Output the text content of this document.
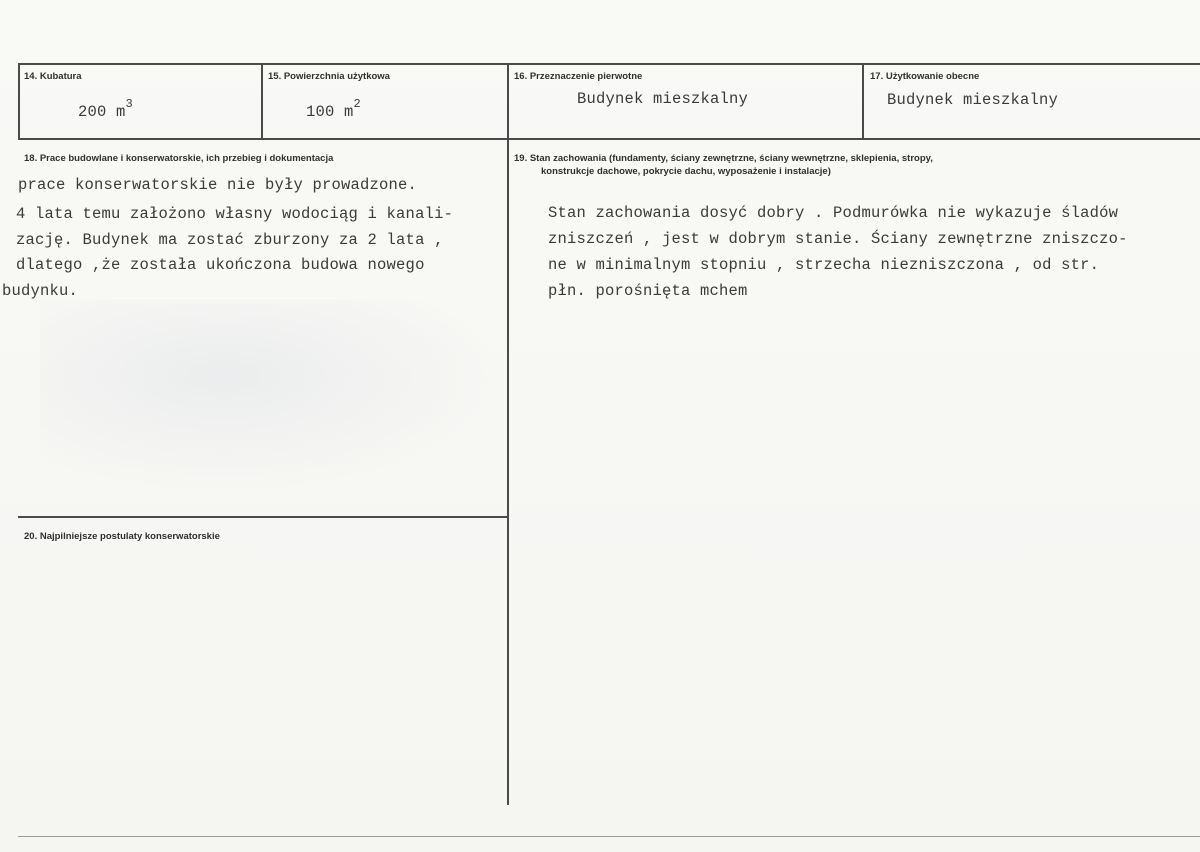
14. Kubatura
200 $m^3$
15. Powierzchnia użytkowa
100 $m^2$
16. Przeznaczenie pierwotne
Budynek mieszkalny
17. Użytkowanie obecne
Budynek mieszkalny
18. Prace budowlane i konserwatorskie, ich przebieg i dokumentacja
prace konserwatorskie nie były prowadzone.
4 lata temu założono własny wodociąg i kanali-
zację. Budynek ma zostać zburzony za 2 lata ,
dlatego ,że została ukończona budowa nowego
budynku.
19. Stan zachowania (fundamenty, ściany zewnętrzne, ściany wewnętrzne, sklepienia, stropy,
konstrukcje dachowe, pokrycie dachu, wyposażenie i instalacje)
Stan zachowania dosyć dobry . Podmurówka nie wykazuje śladów
zniszczeń , jest w dobrym stanie. Ściany zewnętrzne zniszczo-
ne w minimalnym stopniu , strzecha niezniszczona , od str.
płn. porośnięta mchem
20. Najpilniejsze postulaty konserwatorskie
